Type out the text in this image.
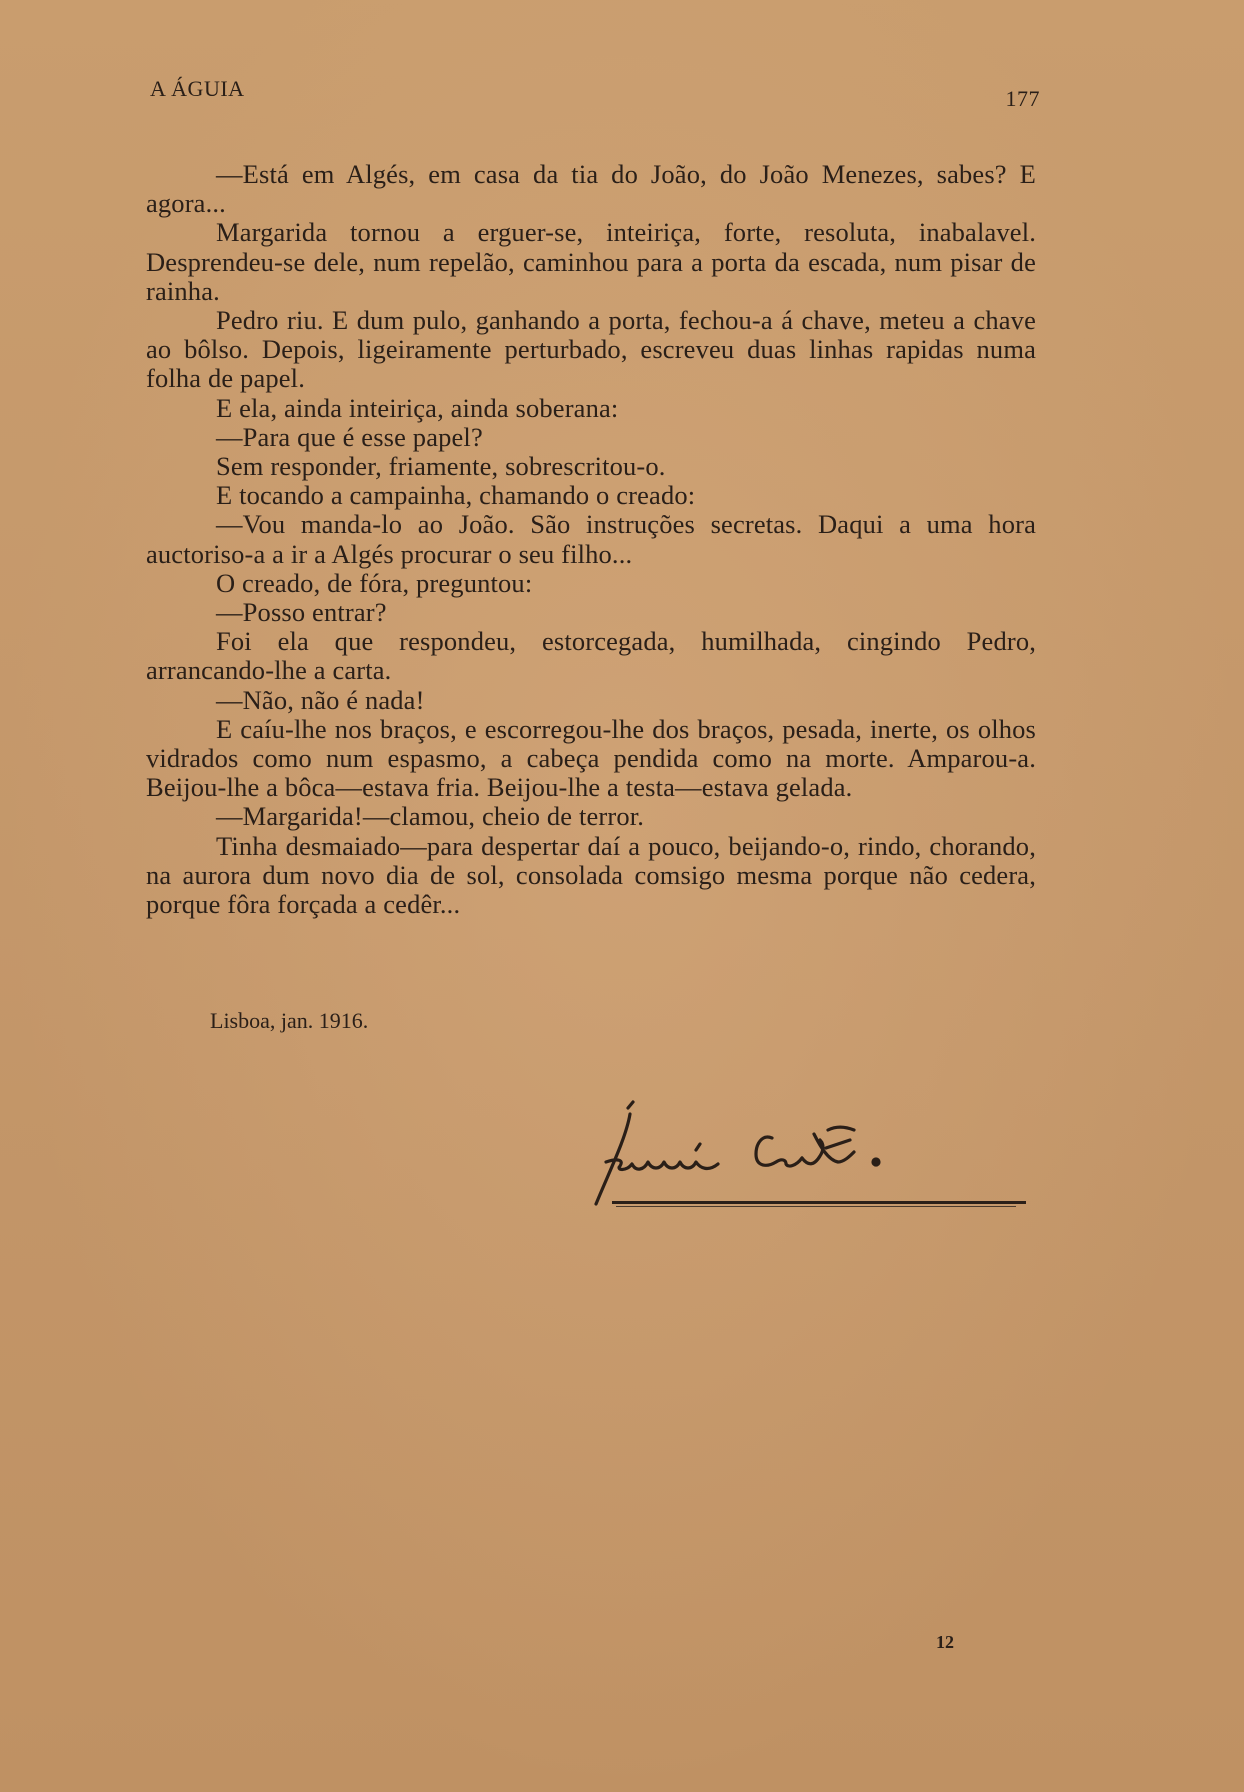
A ÁGUIA	177

—Está em Algés, em casa da tia do João, do João Menezes, sabes? E agora...

Margarida tornou a erguer-se, inteiriça, forte, resoluta, inabalavel. Desprendeu-se dele, num repelão, caminhou para a porta da escada, num pisar de rainha.

Pedro riu. E dum pulo, ganhando a porta, fechou-a á chave, meteu a chave ao bôlso. Depois, ligeiramente perturbado, escreveu duas linhas rapidas numa folha de papel.

E ela, ainda inteiriça, ainda soberana:

—Para que é esse papel?

Sem responder, friamente, sobrescritou-o.

E tocando a campainha, chamando o creado:

—Vou manda-lo ao João. São instruções secretas. Daqui a uma hora auctoriso-a a ir a Algés procurar o seu filho...

O creado, de fóra, preguntou:

—Posso entrar?

Foi ela que respondeu, estorcegada, humilhada, cingindo Pedro, arrancando-lhe a carta.

—Não, não é nada!

E caíu-lhe nos braços, e escorregou-lhe dos braços, pesada, inerte, os olhos vidrados como num espasmo, a cabeça pendida como na morte. Amparou-a. Beijou-lhe a bôca—estava fria. Beijou-lhe a testa—estava gelada.

—Margarida!—clamou, cheio de terror.

Tinha desmaiado—para despertar daí a pouco, beijando-o, rindo, chorando, na aurora dum novo dia de sol, consolada comsigo mesma porque não cedera, porque fôra forçada a cedêr...

Lisboa, jan. 1916.
12
